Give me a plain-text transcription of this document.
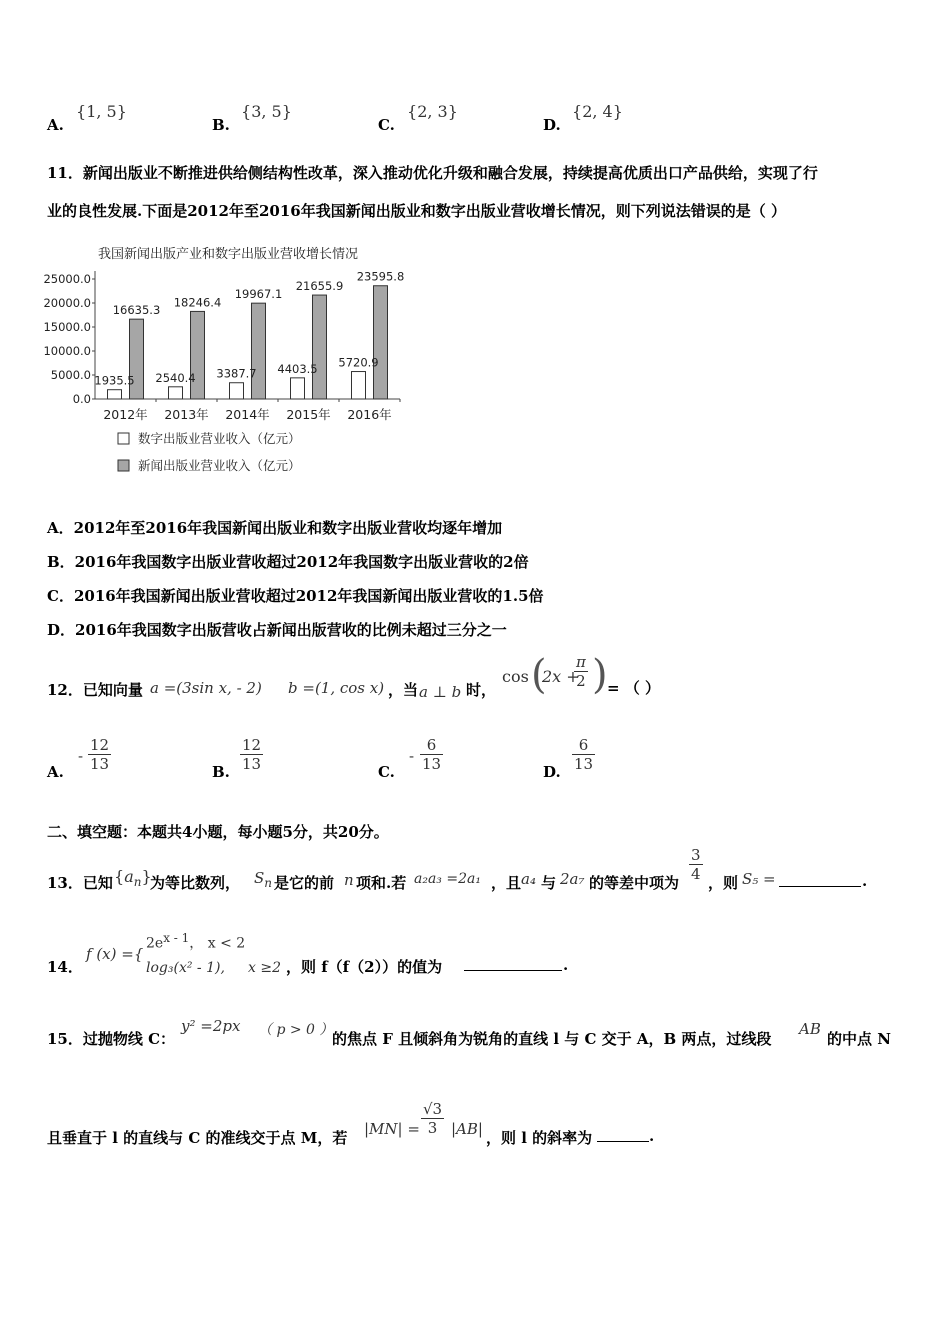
A.
{1, 5}
B.
{3, 5}
C.
{2, 3}
D.
{2, 4}
11．新闻出版业不断推进供给侧结构性改革，深入推动优化升级和融合发展，持续提高优质出口产品供给，实现了行
业的良性发展.下面是2012年至2016年我国新闻出版业和数字出版业营收增长情况，则下列说法错误的是（ ）
我国新闻出版产业和数字出版业营收增长情况
25000.0
20000.0
15000.0
10000.0
5000.0
0.0
1935.5
16635.3
2540.4
18246.4
3387.7
19967.1
4403.5
21655.9
5720.9
23595.8
2012年 2013年 2014年 2015年 2016年
数字出版业营业收入（亿元）
新闻出版业营业收入（亿元）
A．2012年至2016年我国新闻出版业和数字出版业营收均逐年增加
B．2016年我国数字出版业营收超过2012年我国数字出版业营收的2倍
C．2016年我国新闻出版业营收超过2012年我国新闻出版业营收的1.5倍
D．2016年我国数字出版营收占新闻出版营收的比例未超过三分之一
12．已知向量 a =(3sin x, - 2) b =(1, cos x) ，当 a ⊥ b 时，
cos (
2x +
$\frac{\pi}{2}$ ) = （ ）
A.
- $\frac{12}{13}$	B. $\frac{12}{13}$	C.
- $\frac{6}{13}$	D. $\frac{6}{13}$
二、填空题：本题共4小题，每小题5分，共20分。
13．已知 $\{a_n\}$
为等比数列， $S_n$ 是它的前 n 项和.若 a₂a₃ =2a₁ ，且 a₄ 与 2a₇ 的等差中项为 $\frac{3}{4}$ ，则 S₅ =	.
14．
f (x) ={
$2e^{x - 1}$， x < 2
log₃(x² - 1), x ≥2 ，则 f（f（2））的值为	.
15．过抛物线 C：
y² =2px （ p > 0 ）
的焦点 F 且倾斜角为锐角的直线 l 与 C 交于 A，B 两点，过线段
AB
的中点 N
且垂直于 l 的直线与 C 的准线交于点 M，若 $|MN| = \frac{√3}{3} |AB|$ ，则 l 的斜率为	.
